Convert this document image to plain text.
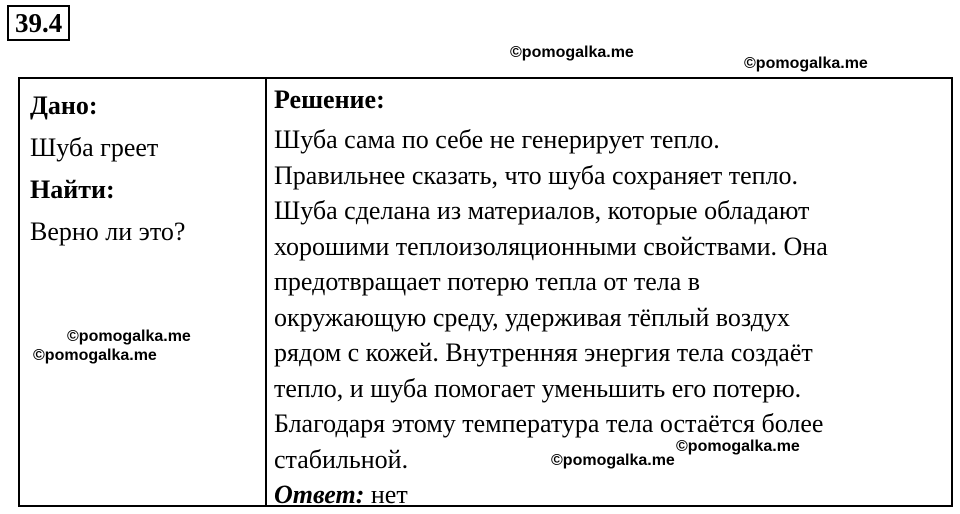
39.4
©pomogalka.me
©pomogalka.me
©pomogalka.me
©pomogalka.me
©pomogalka.me
©pomogalka.me
Дано:
Шуба греет
Найти:
Верно ли это?
Решение:
Шуба сама по себе не генерирует тепло.
Правильнее сказать, что шуба сохраняет тепло.
Шуба сделана из материалов, которые обладают
хорошими теплоизоляционными свойствами. Она
предотвращает потерю тепла от тела в
окружающую среду, удерживая тёплый воздух
рядом с кожей. Внутренняя энергия тела создаёт
тепло, и шуба помогает уменьшить его потерю.
Благодаря этому температура тела остаётся более
стабильной.
Ответ: нет
